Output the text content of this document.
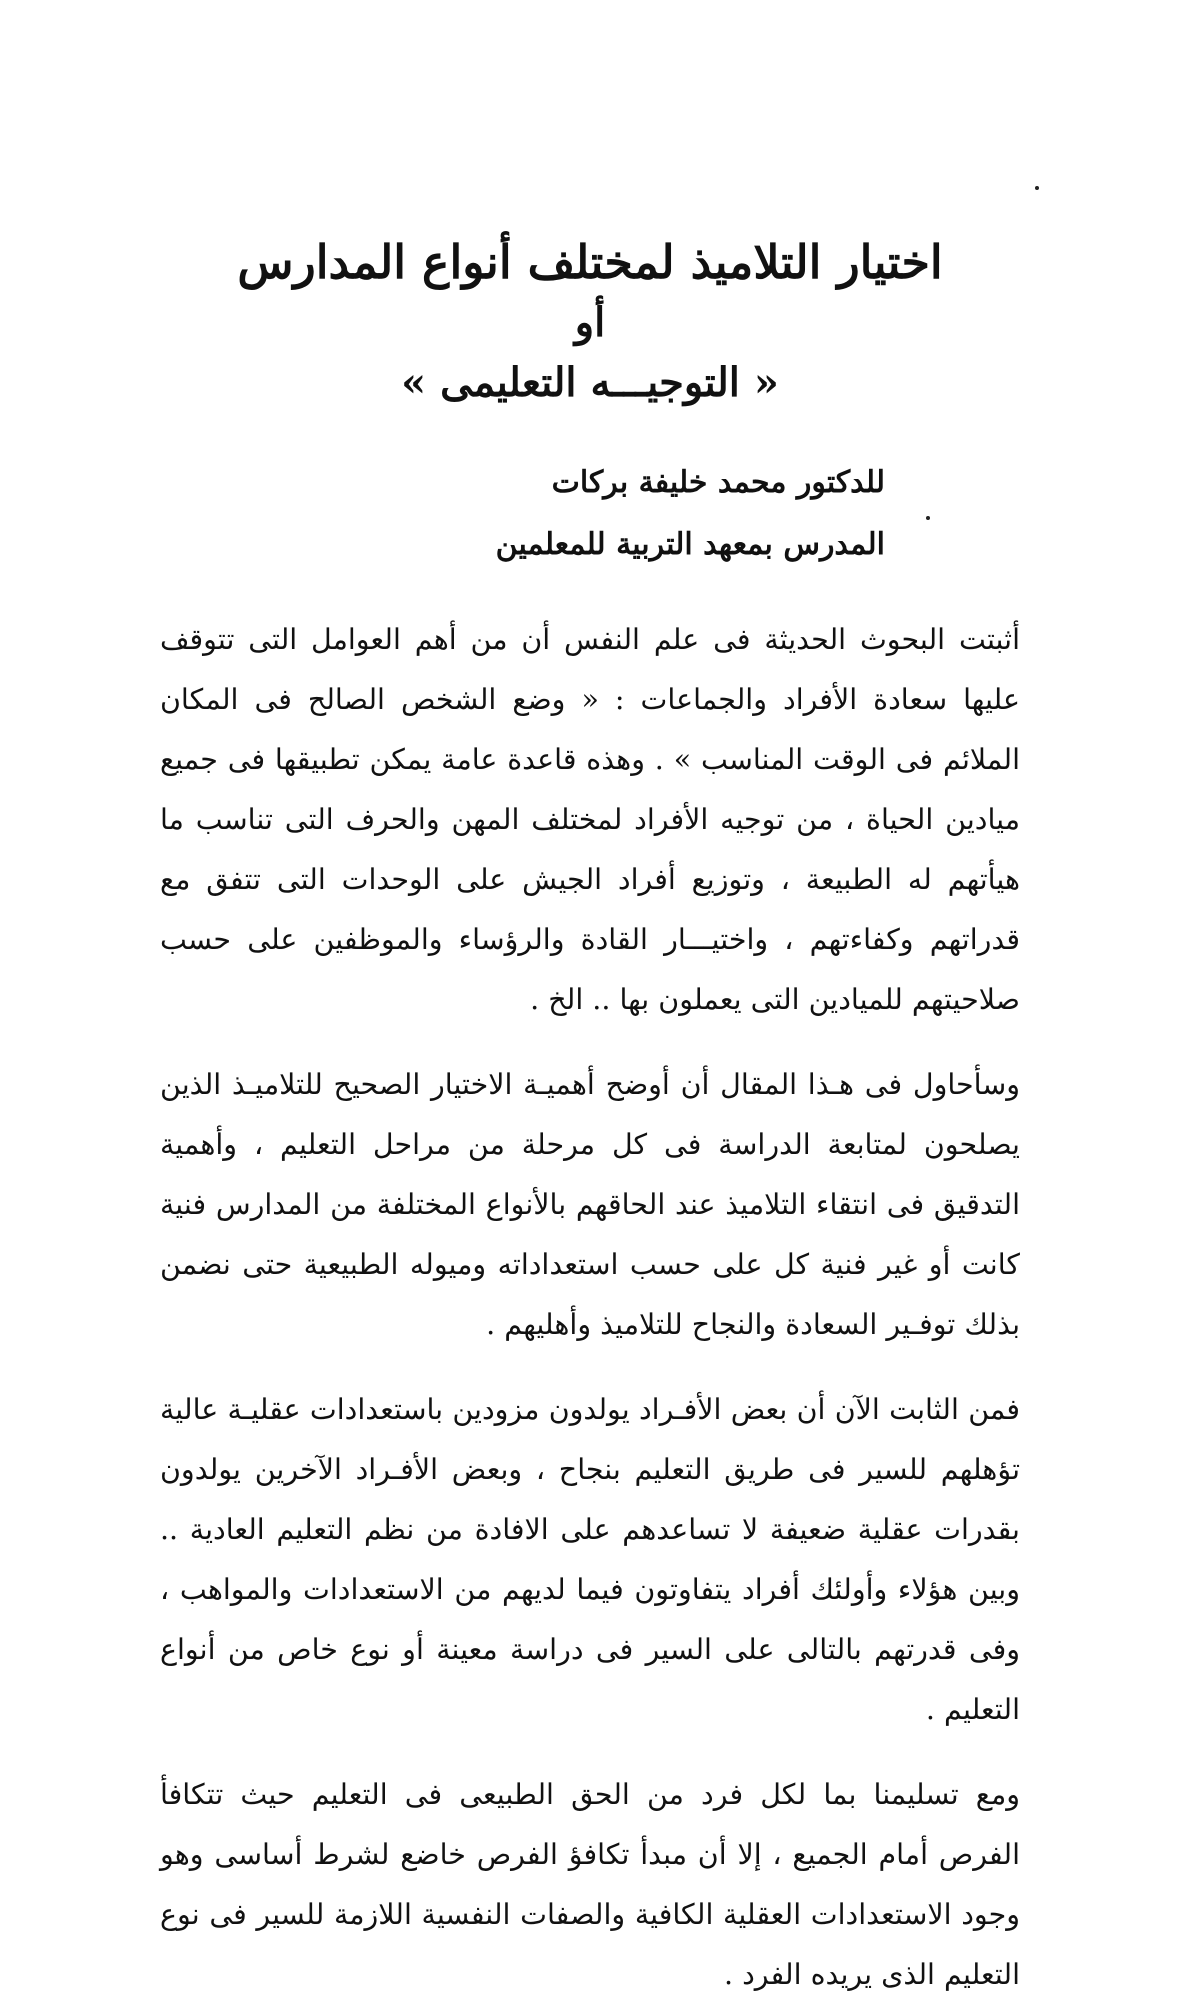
اختيار التلاميذ لمختلف أنواع المدارس

أو

« التوجيـــه التعليمى »

للدكتور محمد خليفة بركات

المدرس بمعهد التربية للمعلمين

أثبتت البحوث الحديثة فى علم النفس أن من أهم العوامل التى تتوقف عليها سعادة الأفراد والجماعات : « وضع الشخص الصالح فى المكان الملائم فى الوقت المناسب » . وهذه قاعدة عامة يمكن تطبيقها فى جميع ميادين الحياة ، من توجيه الأفراد لمختلف المهن والحرف التى تناسب ما هيأتهم له الطبيعة ، وتوزيع أفراد الجيش على الوحدات التى تتفق مع قدراتهم وكفاءتهم ، واختيـــار القادة والرؤساء والموظفين على حسب صلاحيتهم للميادين التى يعملون بها .. الخ .

وسأحاول فى هـذا المقال أن أوضح أهميـة الاختيار الصحيح للتلاميـذ الذين يصلحون لمتابعة الدراسة فى كل مرحلة من مراحل التعليم ، وأهمية التدقيق فى انتقاء التلاميذ عند الحاقهم بالأنواع المختلفة من المدارس فنية كانت أو غير فنية كل على حسب استعداداته وميوله الطبيعية حتى نضمن بذلك توفـير السعادة والنجاح للتلاميذ وأهليهم .

فمن الثابت الآن أن بعض الأفـراد يولدون مزودين باستعدادات عقليـة عالية تؤهلهم للسير فى طريق التعليم بنجاح ، وبعض الأفـراد الآخرين يولدون بقدرات عقلية ضعيفة لا تساعدهم على الافادة من نظم التعليم العادية .. وبين هؤلاء وأولئك أفراد يتفاوتون فيما لديهم من الاستعدادات والمواهب ، وفى قدرتهم بالتالى على السير فى دراسة معينة أو نوع خاص من أنواع التعليم .

ومع تسليمنا بما لكل فرد من الحق الطبيعى فى التعليم حيث تتكافأ الفرص أمام الجميع ، إلا أن مبدأ تكافؤ الفرص خاضع لشرط أساسى وهو وجود الاستعدادات العقلية الكافية والصفات النفسية اللازمة للسير فى نوع التعليم الذى يريده الفرد .
